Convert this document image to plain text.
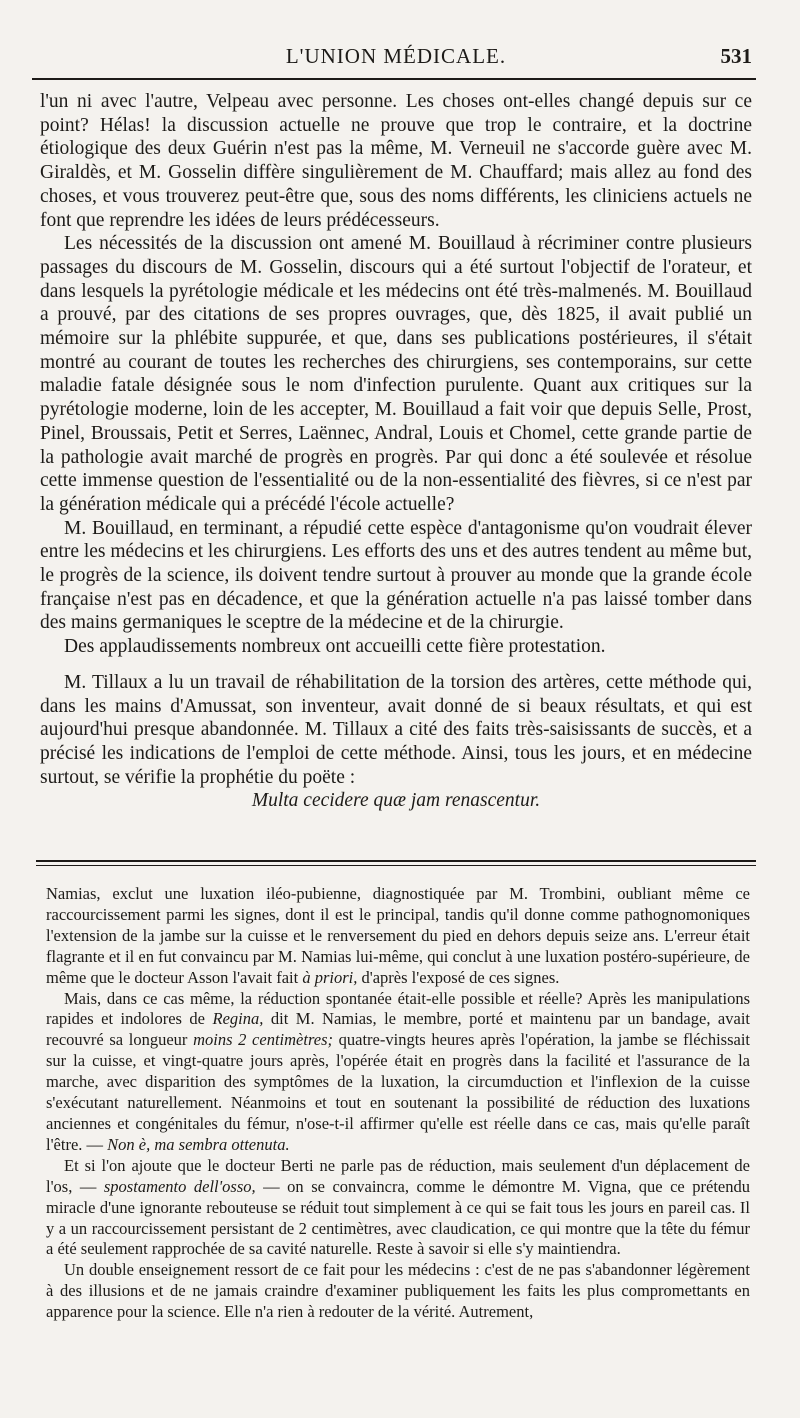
L'UNION MÉDICALE.	531

l'un ni avec l'autre, Velpeau avec personne. Les choses ont-elles changé depuis sur ce point? Hélas! la discussion actuelle ne prouve que trop le contraire, et la doctrine étiologique des deux Guérin n'est pas la même, M. Verneuil ne s'accorde guère avec M. Giraldès, et M. Gosselin diffère singulièrement de M. Chauffard; mais allez au fond des choses, et vous trouverez peut-être que, sous des noms différents, les cliniciens actuels ne font que reprendre les idées de leurs prédécesseurs.

Les nécessités de la discussion ont amené M. Bouillaud à récriminer contre plusieurs passages du discours de M. Gosselin, discours qui a été surtout l'objectif de l'orateur, et dans lesquels la pyrétologie médicale et les médecins ont été très-malmenés. M. Bouillaud a prouvé, par des citations de ses propres ouvrages, que, dès 1825, il avait publié un mémoire sur la phlébite suppurée, et que, dans ses publications postérieures, il s'était montré au courant de toutes les recherches des chirurgiens, ses contemporains, sur cette maladie fatale désignée sous le nom d'infection purulente. Quant aux critiques sur la pyrétologie moderne, loin de les accepter, M. Bouillaud a fait voir que depuis Selle, Prost, Pinel, Broussais, Petit et Serres, Laënnec, Andral, Louis et Chomel, cette grande partie de la pathologie avait marché de progrès en progrès. Par qui donc a été soulevée et résolue cette immense question de l'essentialité ou de la non-essentialité des fièvres, si ce n'est par la génération médicale qui a précédé l'école actuelle?

M. Bouillaud, en terminant, a répudié cette espèce d'antagonisme qu'on voudrait élever entre les médecins et les chirurgiens. Les efforts des uns et des autres tendent au même but, le progrès de la science, ils doivent tendre surtout à prouver au monde que la grande école française n'est pas en décadence, et que la génération actuelle n'a pas laissé tomber dans des mains germaniques le sceptre de la médecine et de la chirurgie.

Des applaudissements nombreux ont accueilli cette fière protestation.

M. Tillaux a lu un travail de réhabilitation de la torsion des artères, cette méthode qui, dans les mains d'Amussat, son inventeur, avait donné de si beaux résultats, et qui est aujourd'hui presque abandonnée. M. Tillaux a cité des faits très-saisissants de succès, et a précisé les indications de l'emploi de cette méthode. Ainsi, tous les jours, et en médecine surtout, se vérifie la prophétie du poëte :

Multa cecidere quæ jam renascentur.

Namias, exclut une luxation iléo-pubienne, diagnostiquée par M. Trombini, oubliant même ce raccourcissement parmi les signes, dont il est le principal, tandis qu'il donne comme pathognomoniques l'extension de la jambe sur la cuisse et le renversement du pied en dehors depuis seize ans. L'erreur était flagrante et il en fut convaincu par M. Namias lui-même, qui conclut à une luxation postéro-supérieure, de même que le docteur Asson l'avait fait à priori, d'après l'exposé de ces signes.

Mais, dans ce cas même, la réduction spontanée était-elle possible et réelle? Après les manipulations rapides et indolores de Regina, dit M. Namias, le membre, porté et maintenu par un bandage, avait recouvré sa longueur moins 2 centimètres; quatre-vingts heures après l'opération, la jambe se fléchissait sur la cuisse, et vingt-quatre jours après, l'opérée était en progrès dans la facilité et l'assurance de la marche, avec disparition des symptômes de la luxation, la circumduction et l'inflexion de la cuisse s'exécutant naturellement. Néanmoins et tout en soutenant la possibilité de réduction des luxations anciennes et congénitales du fémur, n'ose-t-il affirmer qu'elle est réelle dans ce cas, mais qu'elle paraît l'être. — Non è, ma sembra ottenuta.

Et si l'on ajoute que le docteur Berti ne parle pas de réduction, mais seulement d'un déplacement de l'os, — spostamento dell'osso, — on se convaincra, comme le démontre M. Vigna, que ce prétendu miracle d'une ignorante rebouteuse se réduit tout simplement à ce qui se fait tous les jours en pareil cas. Il y a un raccourcissement persistant de 2 centimètres, avec claudication, ce qui montre que la tête du fémur a été seulement rapprochée de sa cavité naturelle. Reste à savoir si elle s'y maintiendra.

Un double enseignement ressort de ce fait pour les médecins : c'est de ne pas s'abandonner légèrement à des illusions et de ne jamais craindre d'examiner publiquement les faits les plus compromettants en apparence pour la science. Elle n'a rien à redouter de la vérité. Autrement,
